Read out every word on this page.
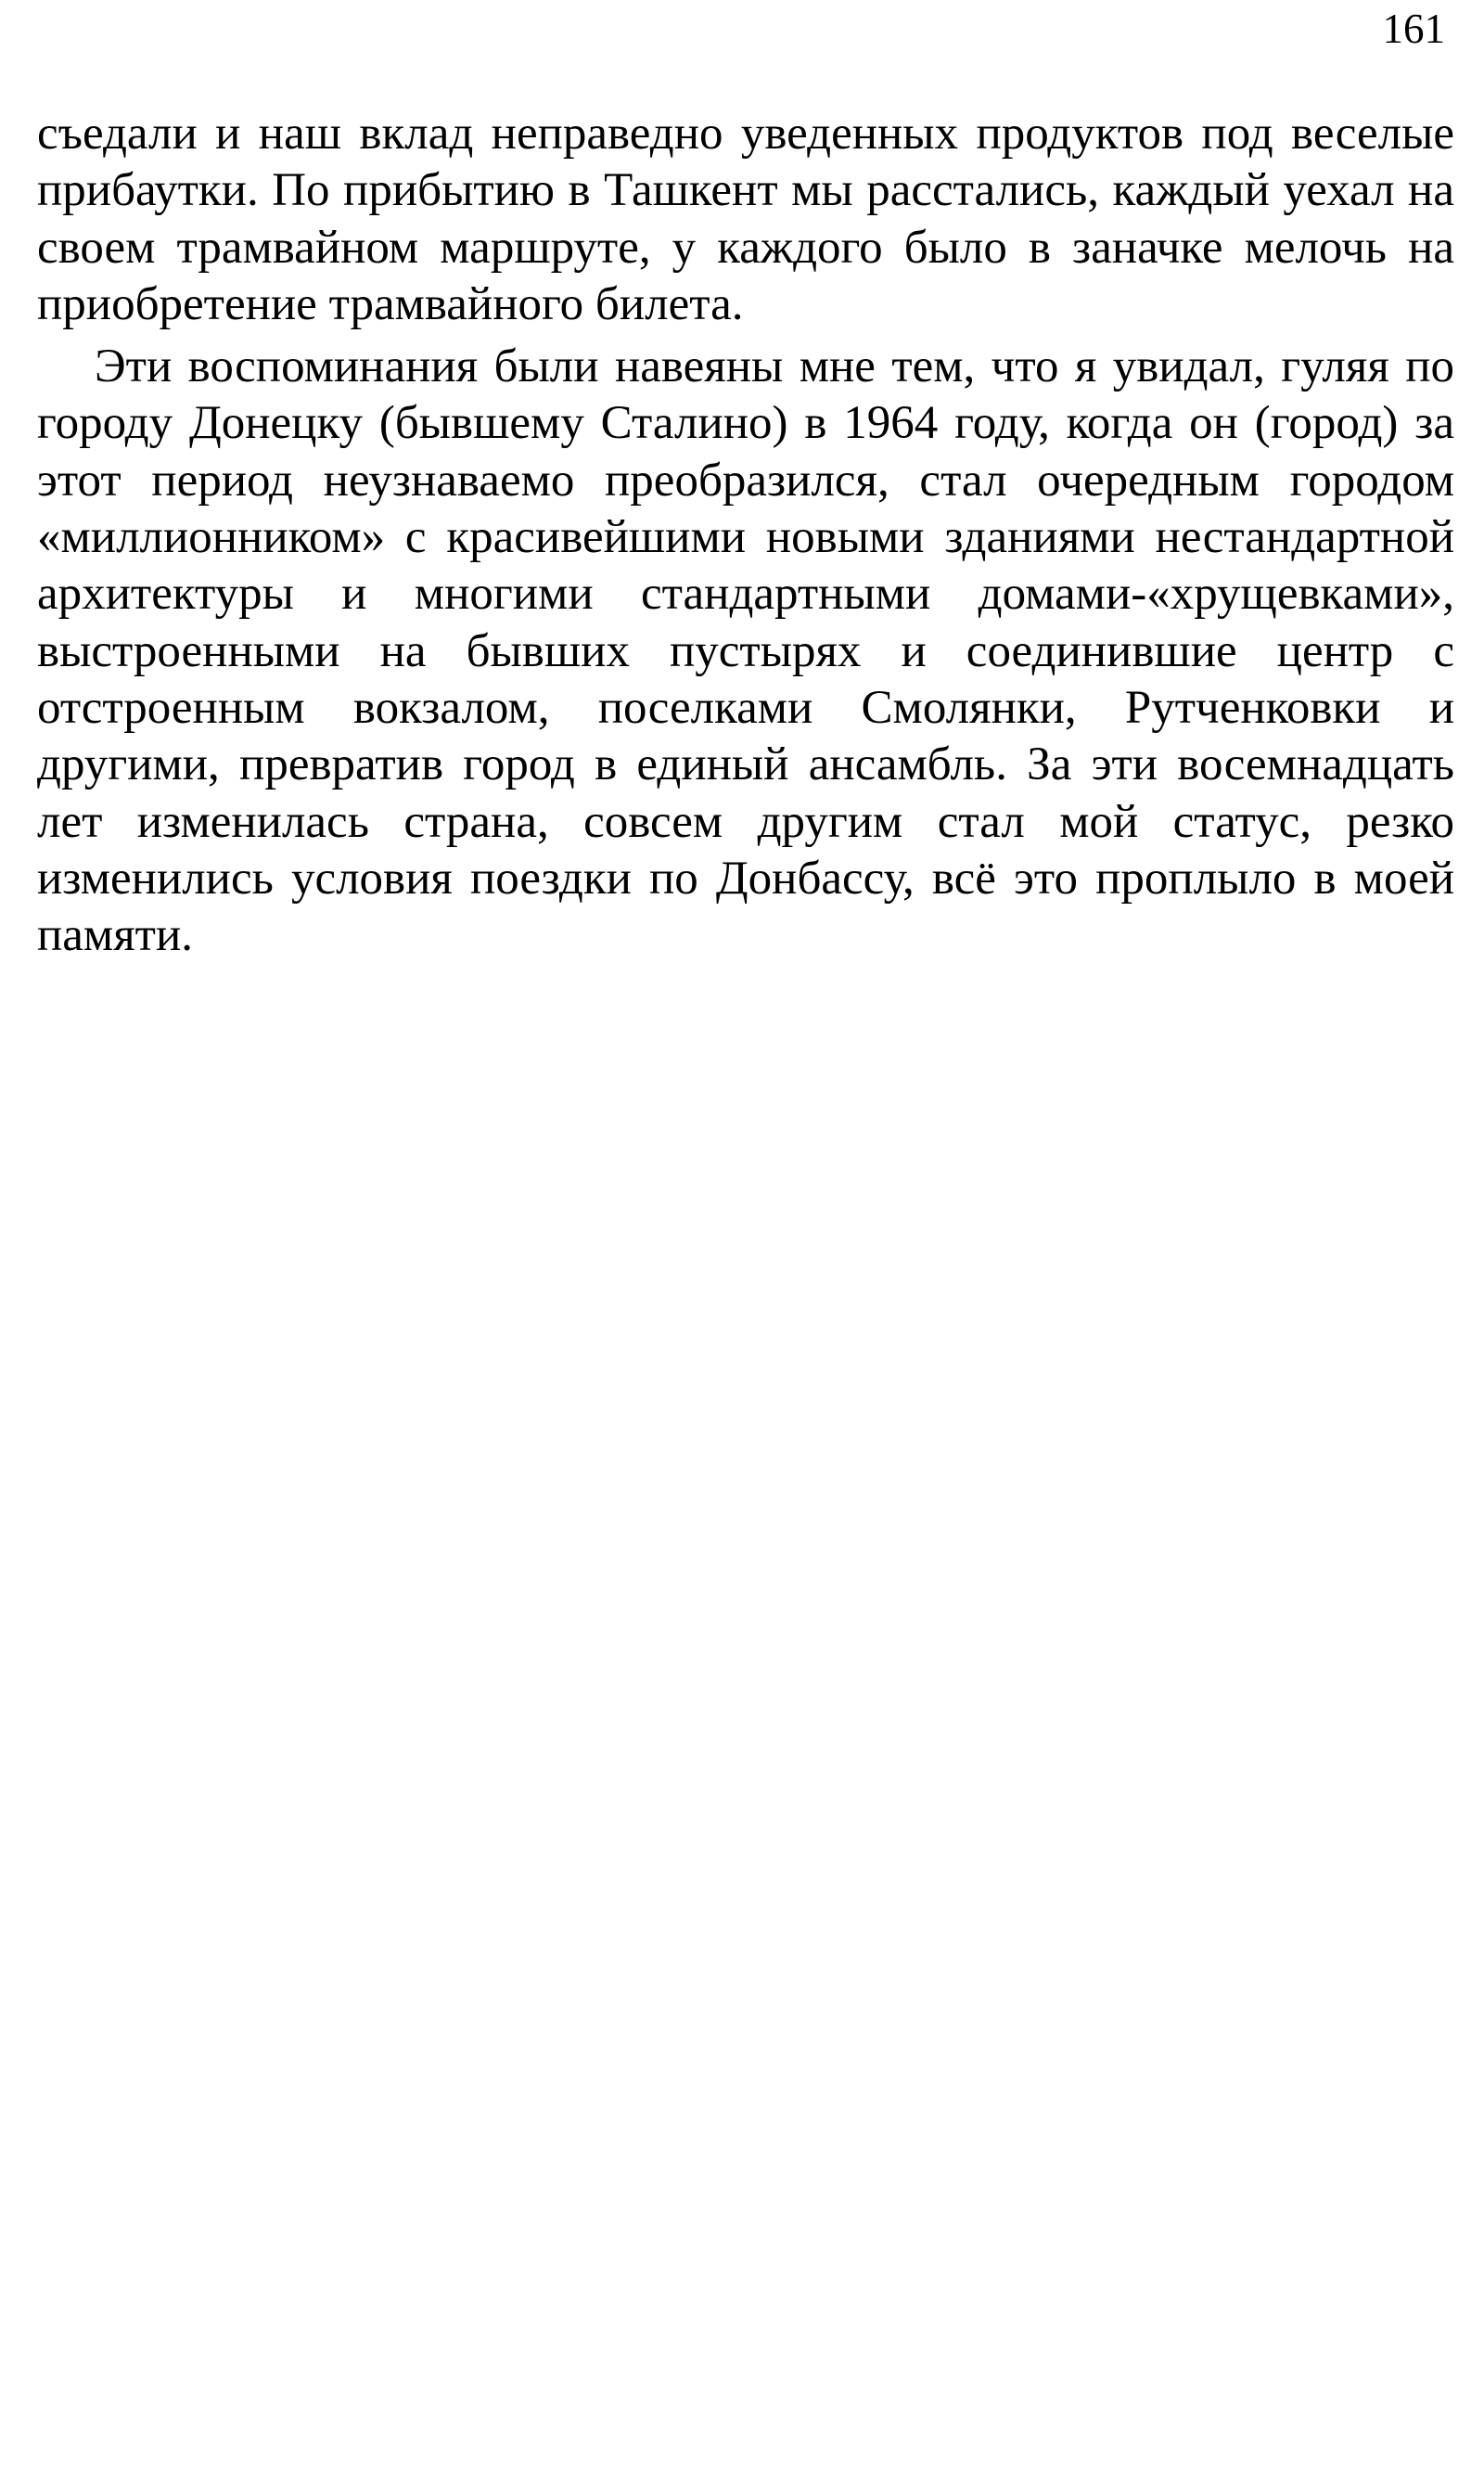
161

съедали и наш вклад неправедно уведенных продуктов под веселые прибаутки. По прибытию в Ташкент мы расстались, каждый уехал на своем трамвайном маршруте, у каждого было в заначке мелочь на приобретение трамвайного билета.

Эти воспоминания были навеяны мне тем, что я увидал, гуляя по городу Донецку (бывшему Сталино) в 1964 году, когда он (город) за этот период неузнаваемо преобразился, стал очередным городом «миллионником» с красивейшими новыми зданиями нестандартной архитектуры и многими стандартными домами-«хрущевками», выстроенными на бывших пустырях и соединившие центр с отстроенным вокзалом, поселками Смолянки, Рутченковки и другими, превратив город в единый ансамбль. За эти восемнадцать лет изменилась страна, совсем другим стал мой статус, резко изменились условия поездки по Донбассу, всё это проплыло в моей памяти.
